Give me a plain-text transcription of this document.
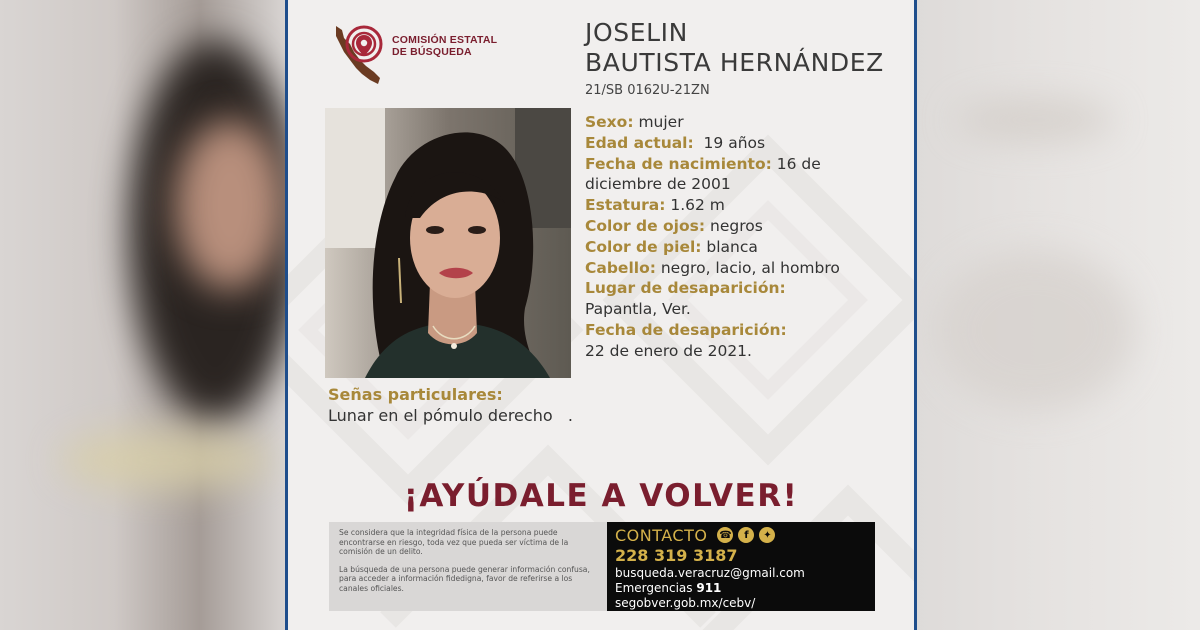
COMISIÓN ESTATAL
DE BÚSQUEDA
JOSELIN
BAUTISTA HERNÁNDEZ
21/SB 0162U-21ZN
Sexo: mujer
Edad actual:  19 años
Fecha de nacimiento: 16 de
diciembre de 2001
Estatura: 1.62 m
Color de ojos: negros
Color de piel: blanca
Cabello: negro, lacio, al hombro
Lugar de desaparición:
Papantla, Ver.
Fecha de desaparición:
22 de enero de 2021.
Señas particulares:
Lunar en el pómulo derecho   .
¡AYÚDALE A VOLVER!

Se considera que la integridad física de la persona puede encontrarse en riesgo, toda vez que pueda ser víctima de la comisión de un delito.

La búsqueda de una persona puede generar información confusa, para acceder a información fidedigna, favor de referirse a los canales oficiales.

CONTACTO ☎	f	✦
228 319 3187
busqueda.veracruz@gmail.com
Emergencias 911
segobver.gob.mx/cebv/
